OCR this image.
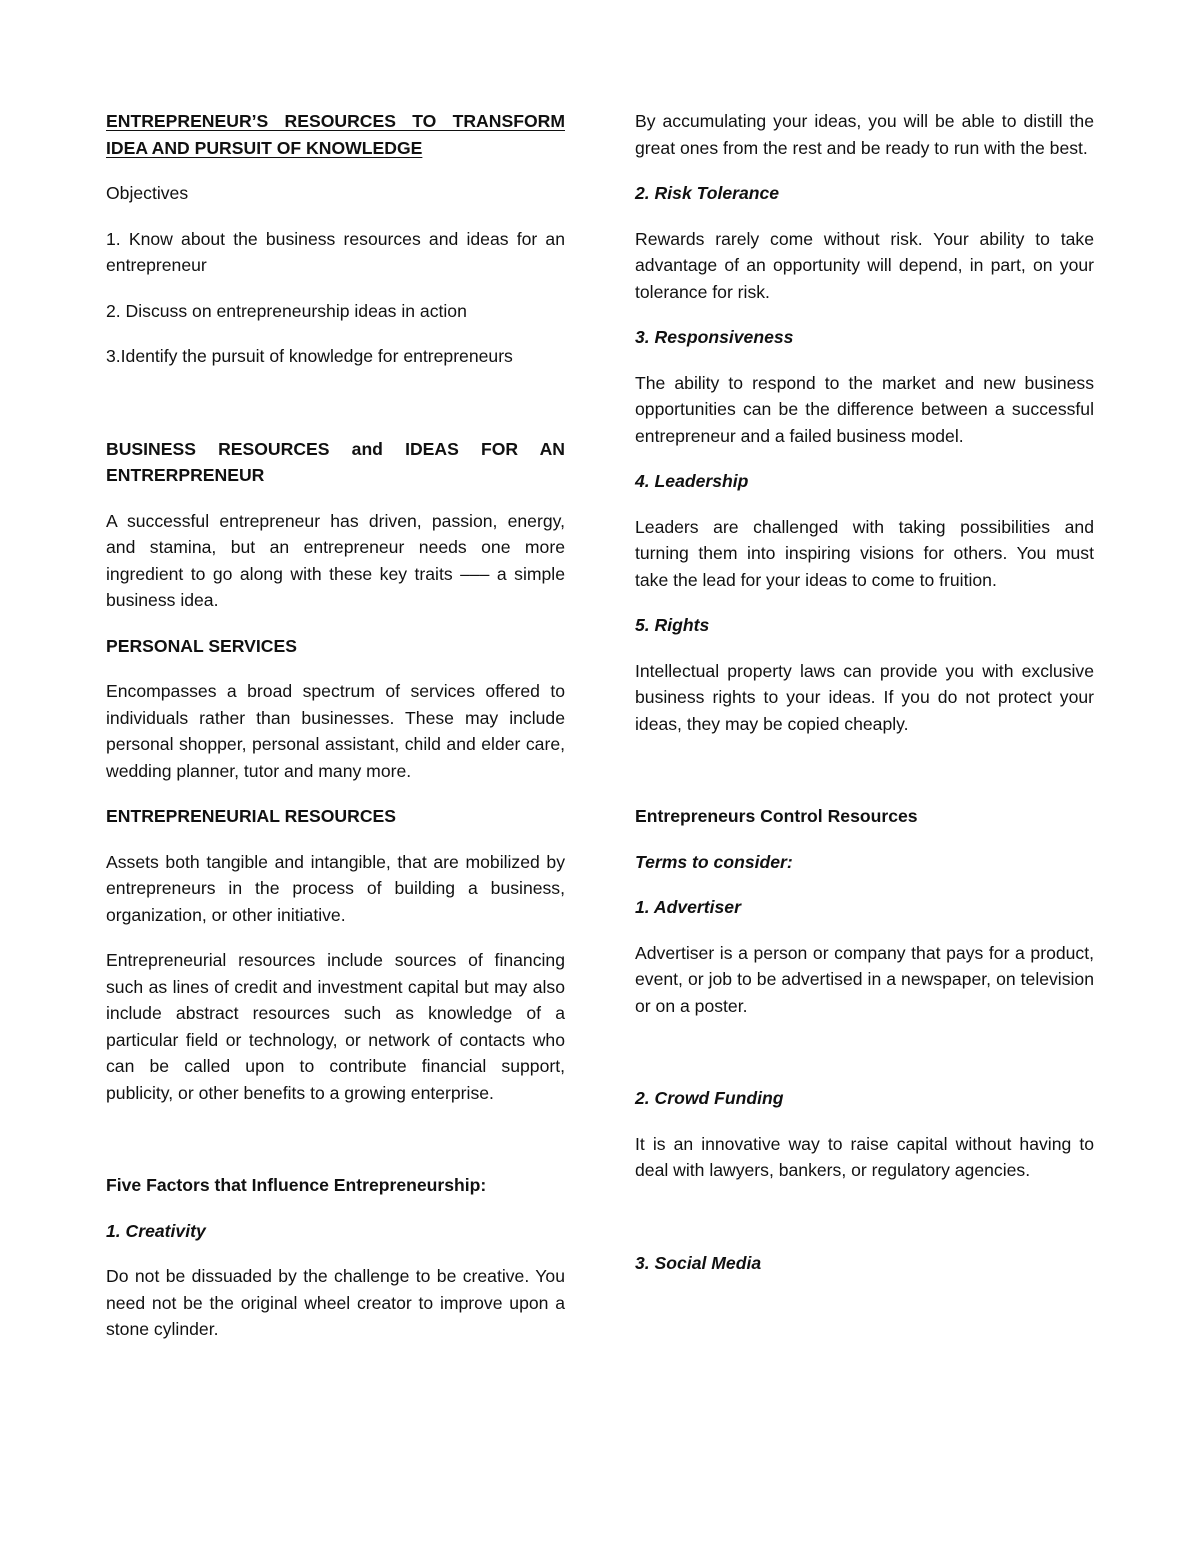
ENTREPRENEUR’S RESOURCES TO TRANSFORM

IDEA AND PURSUIT OF KNOWLEDGE

Objectives

1. Know about the business resources and ideas for an entrepreneur

2. Discuss on entrepreneurship ideas in action

3.Identify the pursuit of knowledge for entrepreneurs

BUSINESS RESOURCES and IDEAS FOR AN ENTRERPRENEUR

A successful entrepreneur has driven, passion, energy, and stamina, but an entrepreneur needs one more ingredient to go along with these key traits ––– a simple business idea.

PERSONAL SERVICES

Encompasses a broad spectrum of services offered to individuals rather than businesses. These may include personal shopper, personal assistant, child and elder care, wedding planner, tutor and many more.

ENTREPRENEURIAL RESOURCES

Assets both tangible and intangible, that are mobilized by entrepreneurs in the process of building a business, organization, or other initiative.

Entrepreneurial resources include sources of financing such as lines of credit and investment capital but may also include abstract resources such as knowledge of a particular field or technology, or network of contacts who can be called upon to contribute financial support, publicity, or other benefits to a growing enterprise.

Five Factors that Influence Entrepreneurship:

1. Creativity

Do not be dissuaded by the challenge to be creative. You need not be the original wheel creator to improve upon a stone cylinder.

By accumulating your ideas, you will be able to distill the great ones from the rest and be ready to run with the best.

2. Risk Tolerance

Rewards rarely come without risk. Your ability to take advantage of an opportunity will depend, in part, on your tolerance for risk.

3. Responsiveness

The ability to respond to the market and new business opportunities can be the difference between a successful entrepreneur and a failed business model.

4. Leadership

Leaders are challenged with taking possibilities and turning them into inspiring visions for others. You must take the lead for your ideas to come to fruition.

5. Rights

Intellectual property laws can provide you with exclusive business rights to your ideas. If you do not protect your ideas, they may be copied cheaply.

Entrepreneurs Control Resources

Terms to consider:

1. Advertiser

Advertiser is a person or company that pays for a product, event, or job to be advertised in a newspaper, on television or on a poster.

2. Crowd Funding

It is an innovative way to raise capital without having to deal with lawyers, bankers, or regulatory agencies.

3. Social Media
